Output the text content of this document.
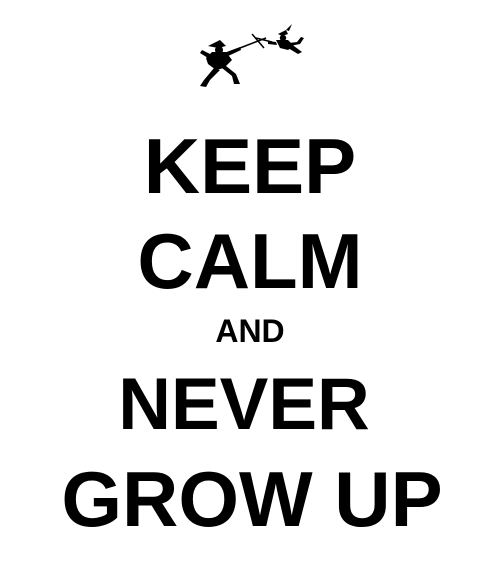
KEEP
CALM
AND
NEVER
GROW UP
